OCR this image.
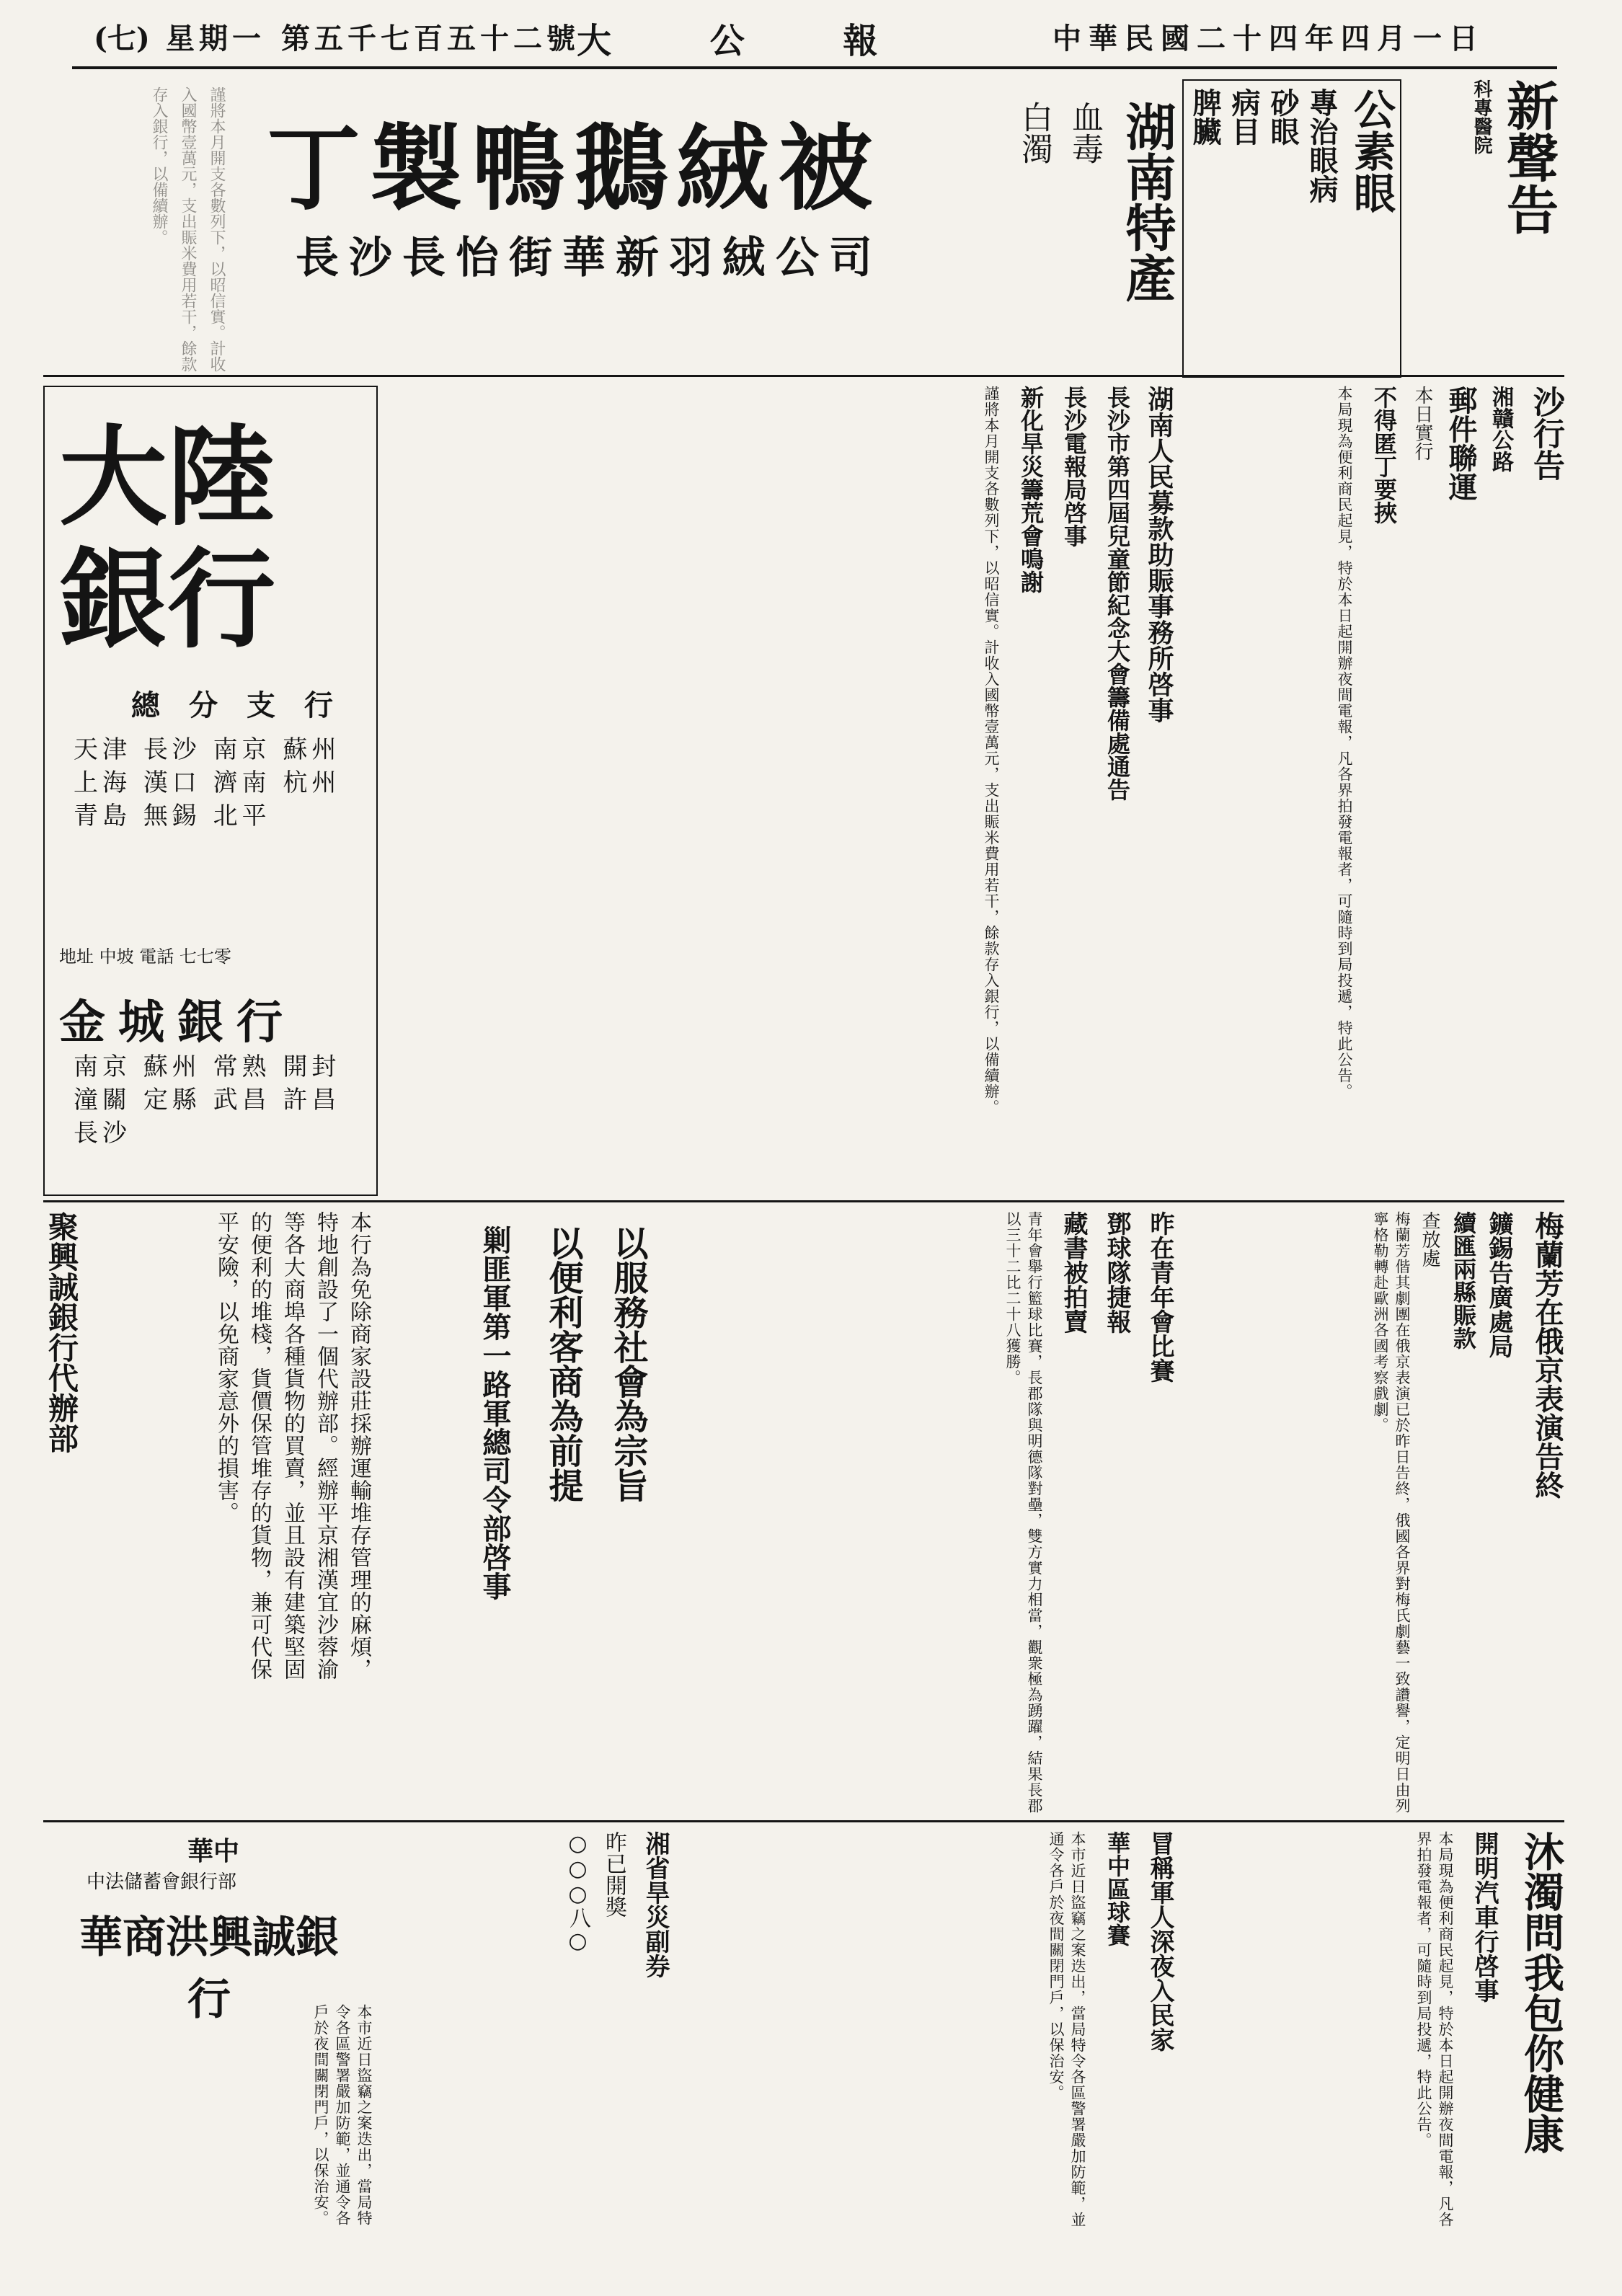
中華民國二十四年四月一日
大 公 報
第五千七百五十二號
星期一
(七)
新聲告
科專醫院
公素眼
專治眼病
砂眼
病目
脾臟
湖南特產
血毒
白濁
丁製鴨鵝絨被
長沙長怡街華新羽絨公司
謹將本月開支各數列下，以昭信實。計收入國幣壹萬元，支出賑米費用若干，餘款存入銀行，以備續辦。
大陸銀行
總分支行
天津 長沙 南京 蘇州 上海 漢口 濟南 杭州 青島 無錫 北平
地址 中坡 電話 七七零
金城銀行
南京 蘇州 常熟 開封 潼關 定縣 武昌 許昌 長沙
湖南人民募款助賑事務所啓事
長沙市第四屆兒童節紀念大會籌備處通告
長沙電報局啓事
新化旱災籌荒會鳴謝
謹將本月開支各數列下，以昭信實。計收入國幣壹萬元，支出賑米費用若干，餘款存入銀行，以備續辦。	沙行告
湘贛公路
郵件聯運
本日實行
不得匿丁要挾
本局現為便利商民起見，特於本日起開辦夜間電報，凡各界拍發電報者，可隨時到局投遞，特此公告。
本行為免除商家設莊採辦運輸堆存管理的麻煩，特地創設了一個代辦部。經辦平京湘漢宜沙蓉渝等各大商埠各種貨物的買賣，並且設有建築堅固的便利的堆棧，貨價保管堆存的貨物，兼可代保平安險，以免商家意外的損害。
聚興誠銀行代辦部	以服務社會為宗旨
以便利客商為前提
剿匪軍第一路軍總司令部啓事	昨在青年會比賽
鄧球隊捷報
藏書被拍賣
青年會舉行籃球比賽，長郡隊與明德隊對壘，雙方實力相當，觀衆極為踴躍，結果長郡以三十二比二十八獲勝。	梅蘭芳在俄京表演告終
鑛錫告廣處局
續匯兩縣賑款
查放處
梅蘭芳偕其劇團在俄京表演已於昨日告終，俄國各界對梅氏劇藝一致讚譽，定明日由列寧格勒轉赴歐洲各國考察戲劇。
華中
中法儲蓄會銀行部
華商洪興誠銀行
本市近日盜竊之案迭出，當局特令各區警署嚴加防範，並通令各戶於夜間關閉門戶，以保治安。
湘省旱災副券
昨已開獎
○○○八○	冒稱軍人深夜入民家
華中區球賽
本市近日盜竊之案迭出，當局特令各區警署嚴加防範，並通令各戶於夜間關閉門戶，以保治安。	沐濁問我包你健康
開明汽車行啓事
本局現為便利商民起見，特於本日起開辦夜間電報，凡各界拍發電報者，可隨時到局投遞，特此公告。
